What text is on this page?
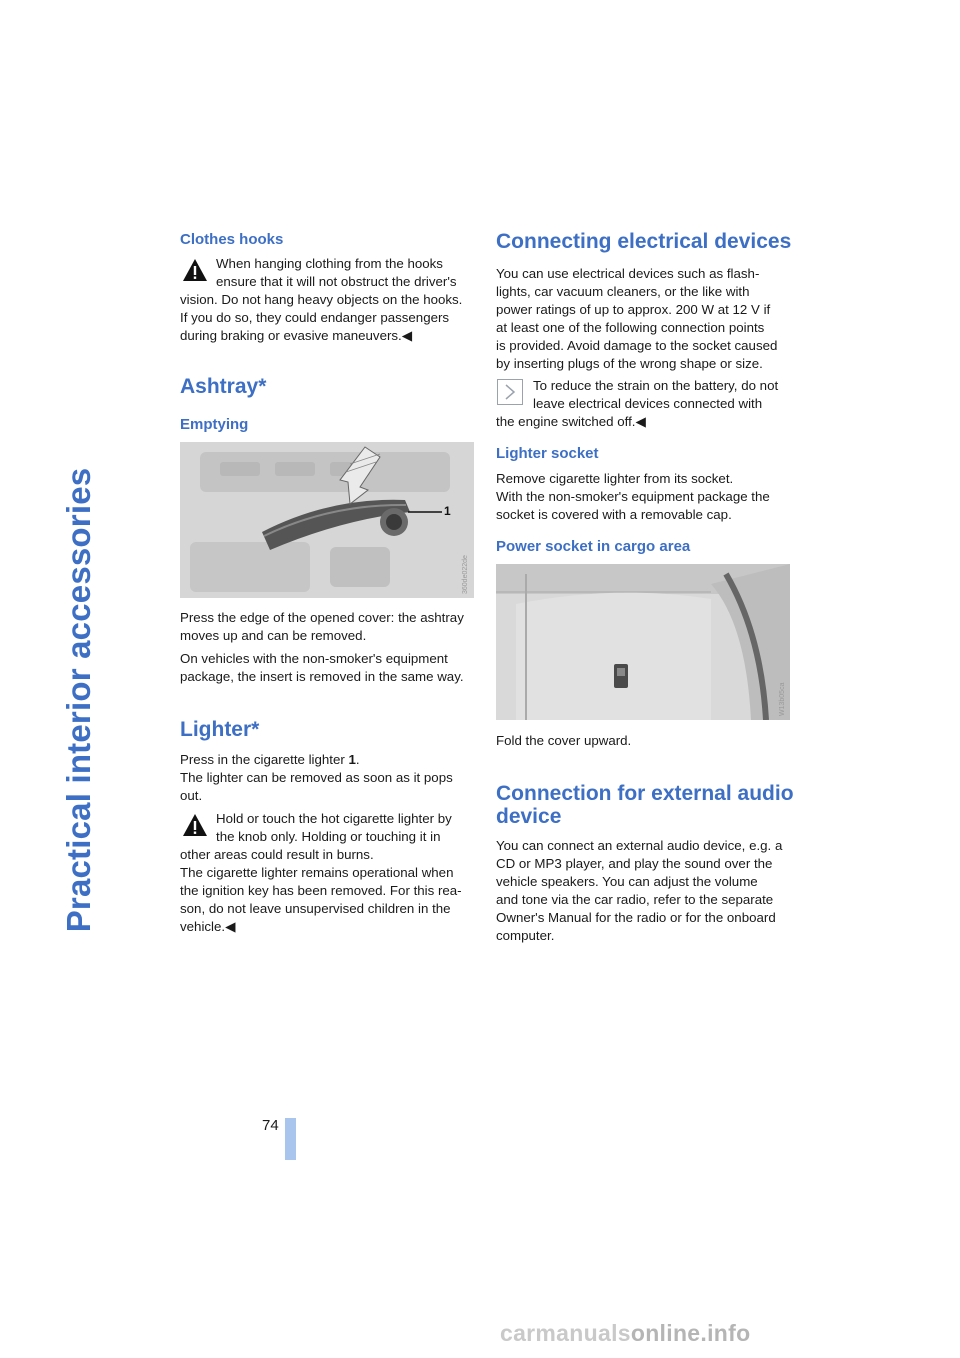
Practical interior accessories
74
Clothes hooks

When hanging clothing from the hooks

ensure that it will not obstruct the driver's

vision. Do not hang heavy objects on the hooks.

If you do so, they could endanger passengers

during braking or evasive maneuvers.◀

Ashtray*
Emptying
1
360de022de

Press the edge of the opened cover: the ashtray

moves up and can be removed.

On vehicles with the non-smoker's equipment

package, the insert is removed in the same way.

Lighter*

Press in the cigarette lighter 1.

The lighter can be removed as soon as it pops

out.

Hold or touch the hot cigarette lighter by

the knob only. Holding or touching it in

other areas could result in burns.

The cigarette lighter remains operational when

the ignition key has been removed. For this rea-

son, do not leave unsupervised children in the

vehicle.◀

Connecting electrical devices

You can use electrical devices such as flash-

lights, car vacuum cleaners, or the like with

power ratings of up to approx. 200 W at 12 V if

at least one of the following connection points

is provided. Avoid damage to the socket caused

by inserting plugs of the wrong shape or size.

To reduce the strain on the battery, do not

leave electrical devices connected with

the engine switched off.◀

Lighter socket

Remove cigarette lighter from its socket.

With the non-smoker's equipment package the

socket is covered with a removable cap.

Power socket in cargo area
W13b05ca

Fold the cover upward.

Connection for external audio
device

You can connect an external audio device, e.g. a

CD or MP3 player, and play the sound over the

vehicle speakers. You can adjust the volume

and tone via the car radio, refer to the separate

Owner's Manual for the radio or for the onboard

computer.

carmanualsonline.info
